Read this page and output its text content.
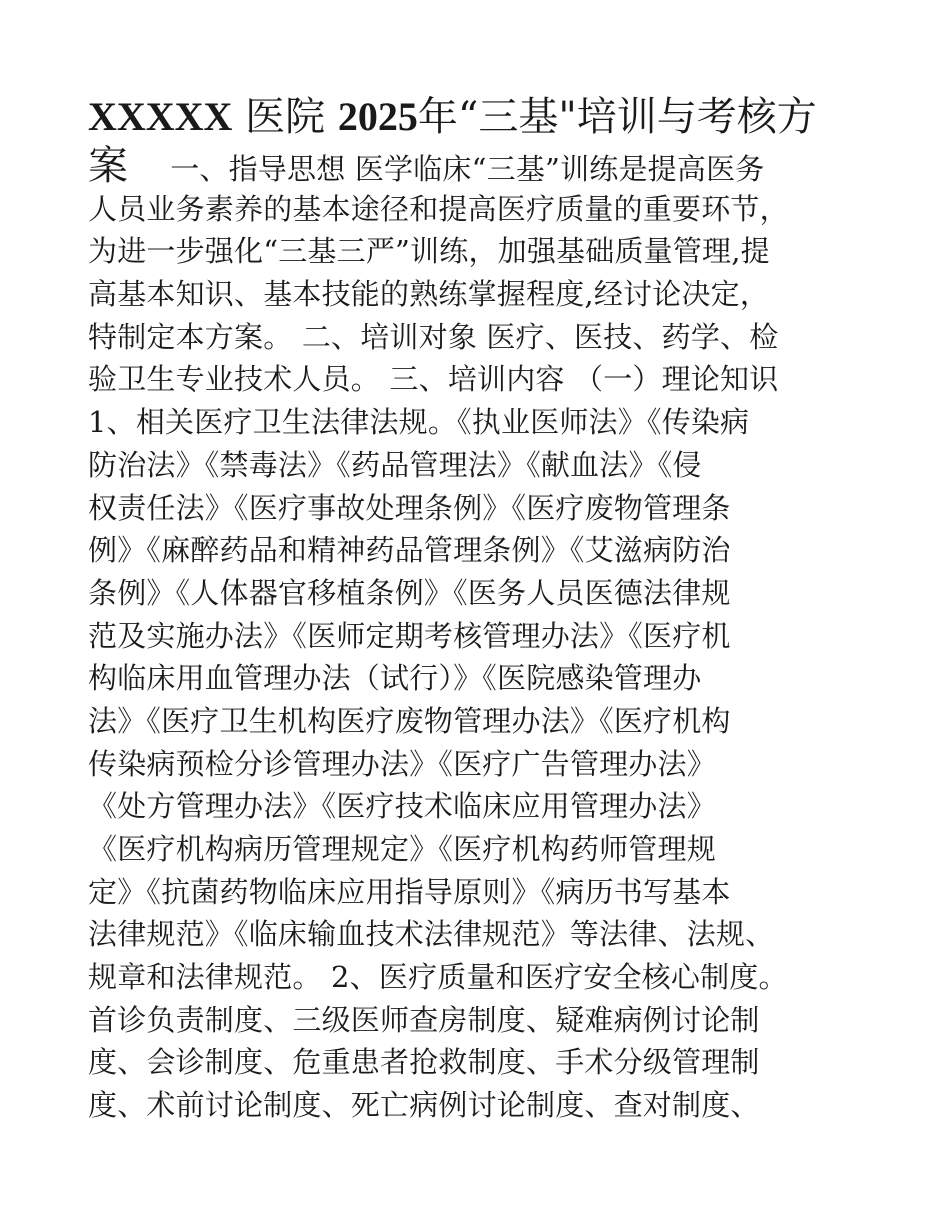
XXXXX 医院 2025年“三基"培训与考核方
案 一、指导思想 医学临床“三基”训练是提高医务
人员业务素养的基本途径和提高医疗质量的重要环节，
为进一步强化“三基三严”训练，加强基础质量管理,提
高基本知识、基本技能的熟练掌握程度,经讨论决定，
特制定本方案。 二、培训对象 医疗、医技、药学、检
验卫生专业技术人员。 三、培训内容 （一）理论知识
1、相关医疗卫生法律法规。《执业医师法》《传染病
防治法》《禁毒法》《药品管理法》《献血法》《侵
权责任法》《医疗事故处理条例》《医疗废物管理条
例》《麻醉药品和精神药品管理条例》《艾滋病防治
条例》《人体器官移植条例》《医务人员医德法律规
范及实施办法》《医师定期考核管理办法》《医疗机
构临床用血管理办法（试行）》《医院感染管理办
法》《医疗卫生机构医疗废物管理办法》《医疗机构
传染病预检分诊管理办法》《医疗广告管理办法》
《处方管理办法》《医疗技术临床应用管理办法》
《医疗机构病历管理规定》《医疗机构药师管理规
定》《抗菌药物临床应用指导原则》《病历书写基本
法律规范》《临床输血技术法律规范》等法律、法规、
规章和法律规范。 2、医疗质量和医疗安全核心制度。
首诊负责制度、三级医师查房制度、疑难病例讨论制
度、会诊制度、危重患者抢救制度、手术分级管理制
度、术前讨论制度、死亡病例讨论制度、查对制度、
